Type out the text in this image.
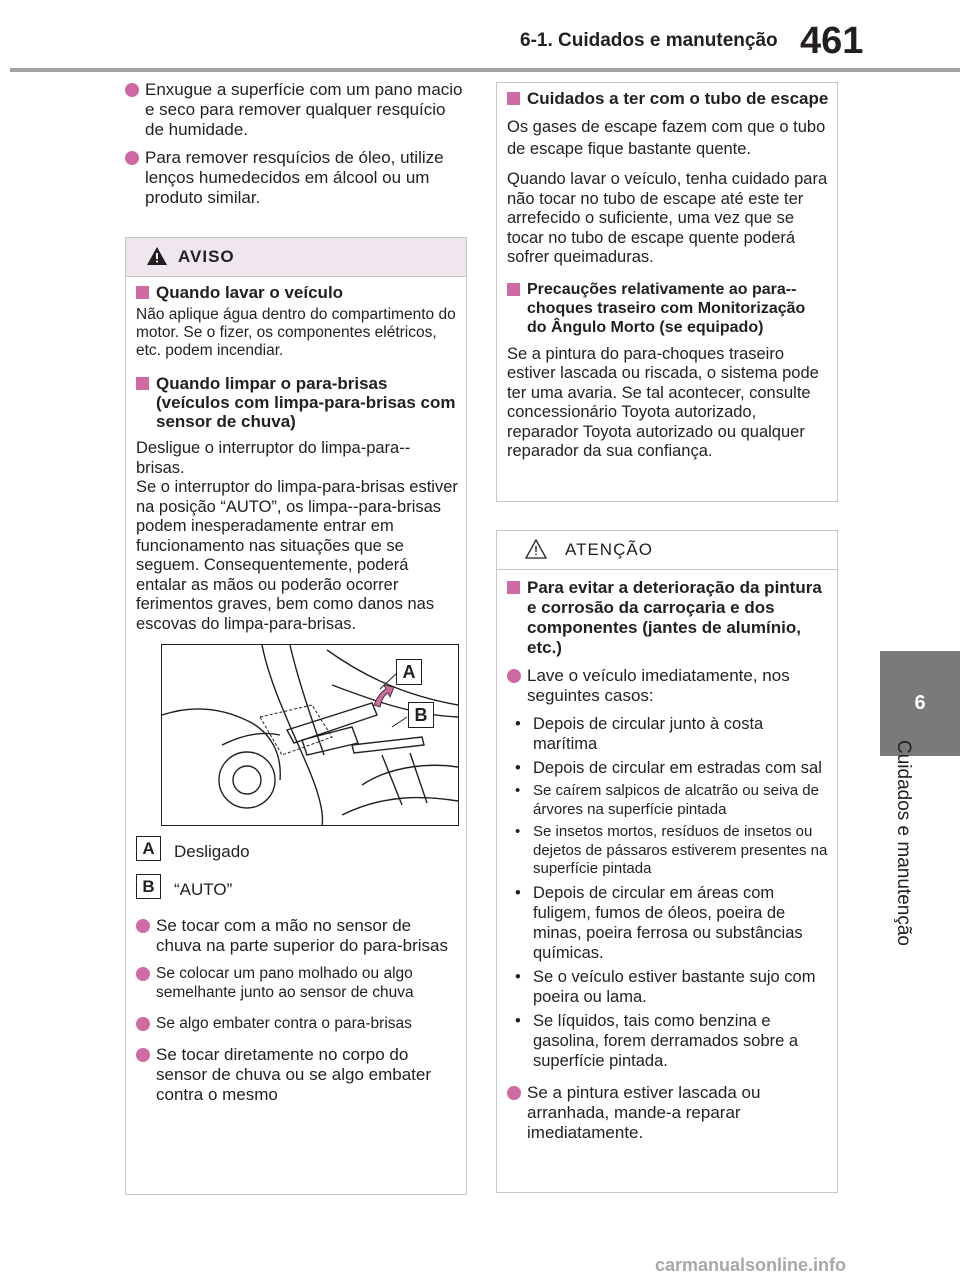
6-1. Cuidados e manutenção 461
6
Cuidados e manutenção
Enxugue a superfície com um pano macio e seco para remover qualquer resquício de humidade.
Para remover resquícios de óleo, utilize lenços humedecidos em álcool ou um produto similar.
AVISO
Quando lavar o veículo
Não aplique água dentro do compartimento do motor. Se o fizer, os componentes elétricos, etc. podem incendiar.
Quando limpar o para-brisas (veículos com limpa-para-brisas com sensor de chuva)
Desligue o interruptor do limpa-para--brisas.
Se o interruptor do limpa-para-brisas estiver na posição “AUTO”, os limpa--para-brisas podem inesperadamente entrar em funcionamento nas situações que se seguem. Consequentemente, poderá entalar as mãos ou poderão ocorrer ferimentos graves, bem como danos nas escovas do limpa-para-brisas.
A
B
A	Desligado
B	“AUTO”
Se tocar com a mão no sensor de chuva na parte superior do para-brisas
Se colocar um pano molhado ou algo semelhante junto ao sensor de chuva
Se algo embater contra o para-brisas
Se tocar diretamente no corpo do sensor de chuva ou se algo embater contra o mesmo
Cuidados a ter com o tubo de escape
Os gases de escape fazem com que o tubo de escape fique bastante quente.
Quando lavar o veículo, tenha cuidado para não tocar no tubo de escape até este ter arrefecido o suficiente, uma vez que se tocar no tubo de escape quente poderá sofrer queimaduras.
Precauções relativamente ao para--choques traseiro com Monitorização do Ângulo Morto (se equipado)
Se a pintura do para-choques traseiro estiver lascada ou riscada, o sistema pode ter uma avaria. Se tal acontecer, consulte concessionário Toyota autorizado, reparador Toyota autorizado ou qualquer reparador da sua confiança.
ATENÇÃO
Para evitar a deterioração da pintura e corrosão da carroçaria e dos componentes (jantes de alumínio, etc.)
Lave o veículo imediatamente, nos seguintes casos:
• Depois de circular junto à costa marítima
• Depois de circular em estradas com sal
• Se caírem salpicos de alcatrão ou seiva de árvores na superfície pintada
• Se insetos mortos, resíduos de insetos ou dejetos de pássaros estiverem presentes na superfície pintada
• Depois de circular em áreas com fuligem, fumos de óleos, poeira de minas, poeira ferrosa ou substâncias químicas.
• Se o veículo estiver bastante sujo com poeira ou lama.
• Se líquidos, tais como benzina e gasolina, forem derramados sobre a superfície pintada.
Se a pintura estiver lascada ou arranhada, mande-a reparar imediatamente.
carmanualsonline.info
